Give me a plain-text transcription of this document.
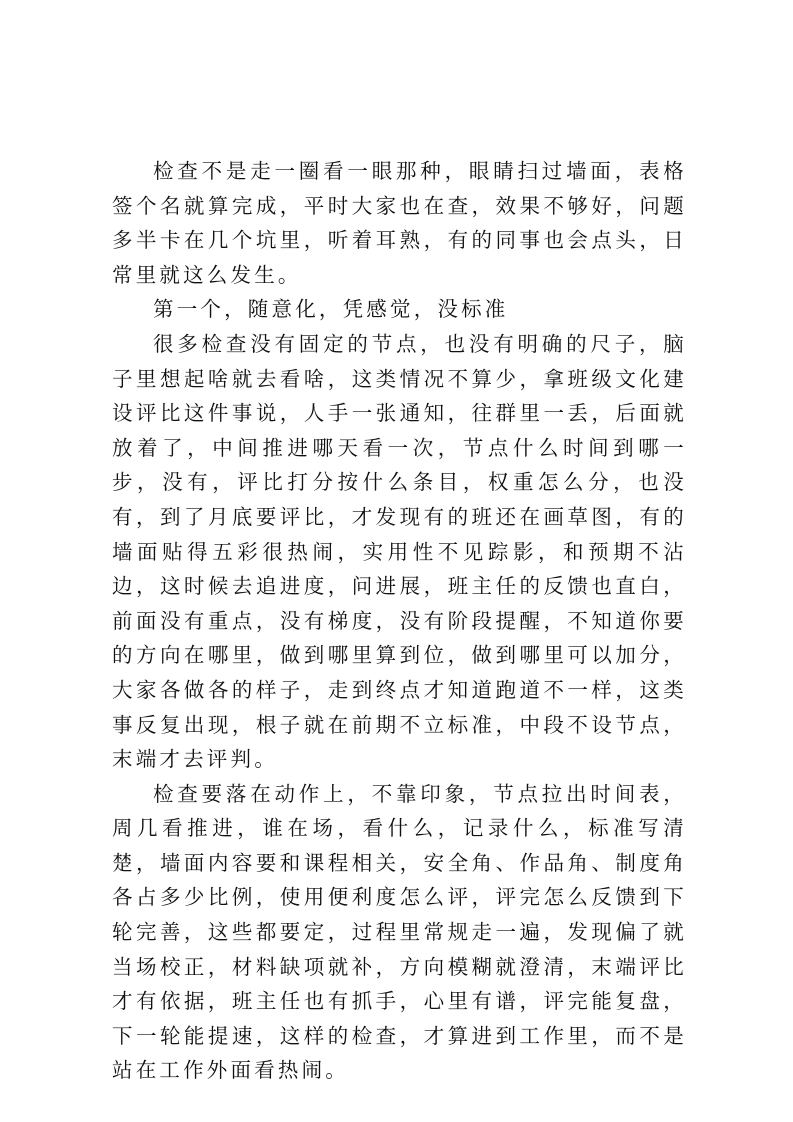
检查不是走一圈看一眼那种，眼睛扫过墙面，表格签个名就算完成，平时大家也在查，效果不够好，问题多半卡在几个坑里，听着耳熟，有的同事也会点头，日常里就这么发生。

第一个，随意化，凭感觉，没标准

很多检查没有固定的节点，也没有明确的尺子，脑子里想起啥就去看啥，这类情况不算少，拿班级文化建设评比这件事说，人手一张通知，往群里一丢，后面就放着了，中间推进哪天看一次，节点什么时间到哪一步，没有，评比打分按什么条目，权重怎么分，也没有，到了月底要评比，才发现有的班还在画草图，有的墙面贴得五彩很热闹，实用性不见踪影，和预期不沾边，这时候去追进度，问进展，班主任的反馈也直白，前面没有重点，没有梯度，没有阶段提醒，不知道你要的方向在哪里，做到哪里算到位，做到哪里可以加分，大家各做各的样子，走到终点才知道跑道不一样，这类事反复出现，根子就在前期不立标准，中段不设节点，末端才去评判。

检查要落在动作上，不靠印象，节点拉出时间表，周几看推进，谁在场，看什么，记录什么，标准写清楚，墙面内容要和课程相关，安全角、作品角、制度角各占多少比例，使用便利度怎么评，评完怎么反馈到下轮完善，这些都要定，过程里常规走一遍，发现偏了就当场校正，材料缺项就补，方向模糊就澄清，末端评比才有依据，班主任也有抓手，心里有谱，评完能复盘，下一轮能提速，这样的检查，才算进到工作里，而不是站在工作外面看热闹。
